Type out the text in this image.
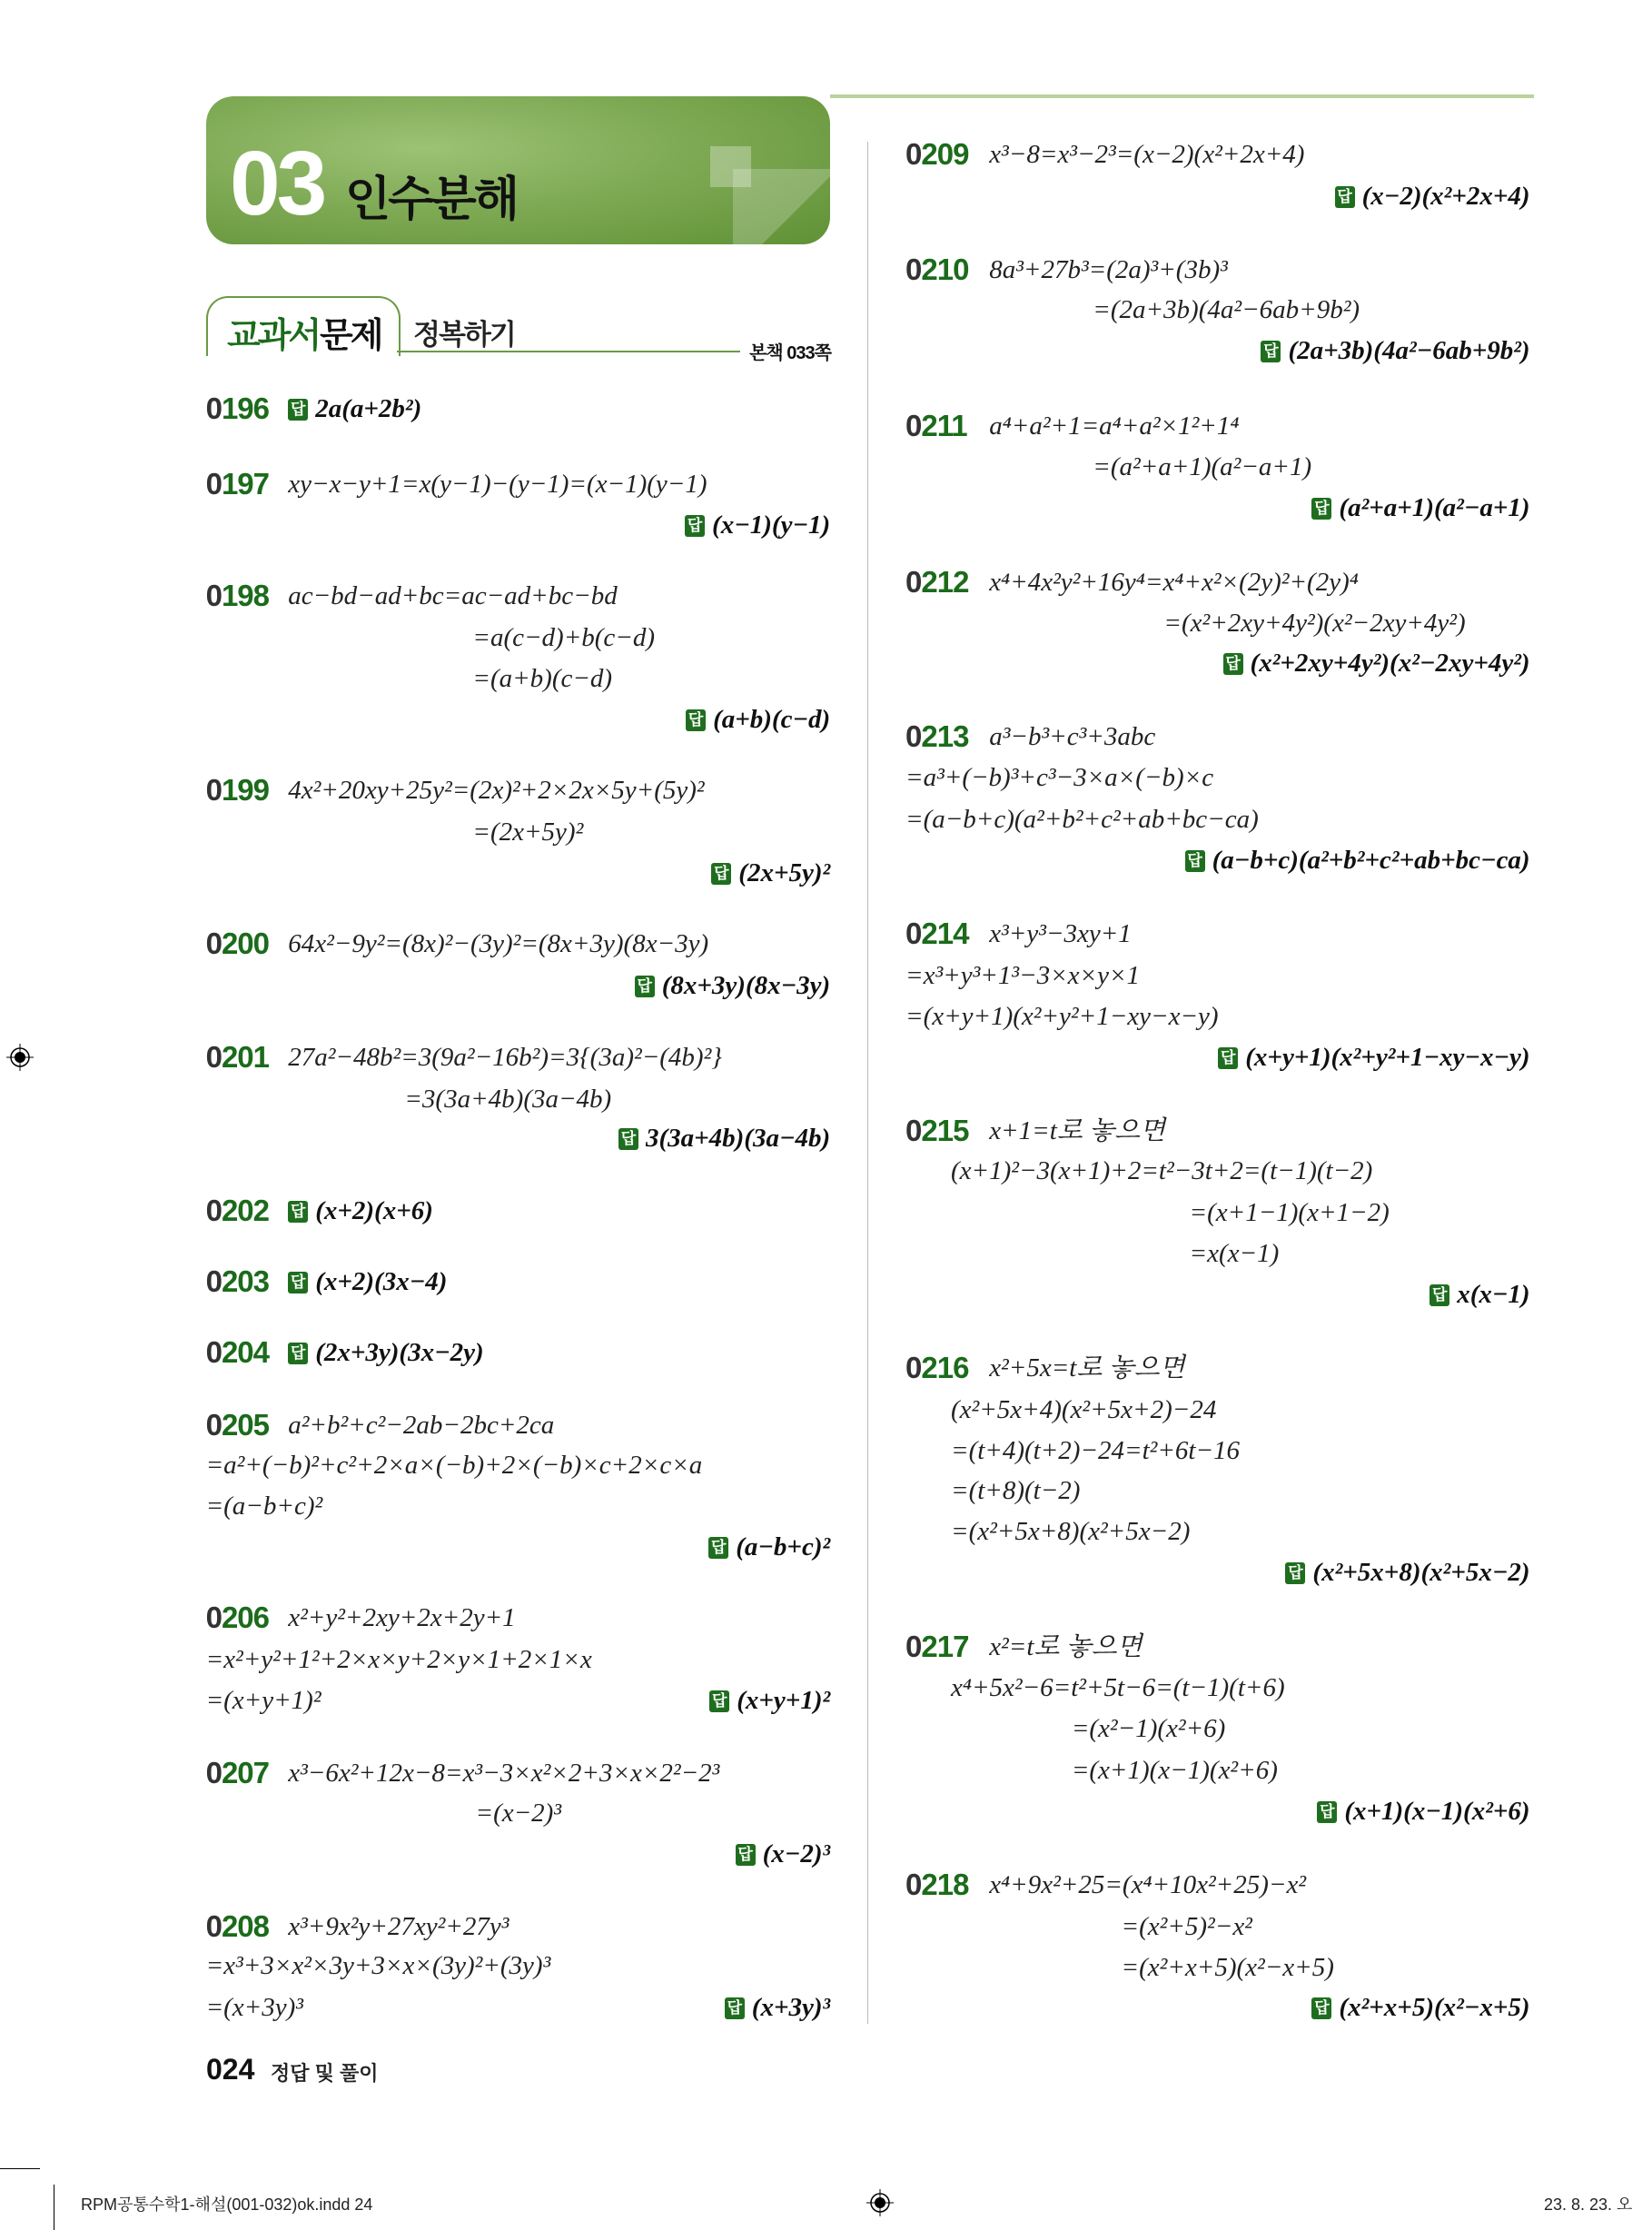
03 인수분해
교과서 문제 정복하기
본책 033쪽
0196 답 2a(a+2b²)
0197 xy−x−y+1=x(y−1)−(y−1)=(x−1)(y−1)
답 (x−1)(y−1)
0198 ac−bd−ad+bc=ac−ad+bc−bd
=a(c−d)+b(c−d)
=(a+b)(c−d)
답 (a+b)(c−d)
0199 4x²+20xy+25y²=(2x)²+2×2x×5y+(5y)²
=(2x+5y)²
답 (2x+5y)²
0200 64x²−9y²=(8x)²−(3y)²=(8x+3y)(8x−3y)
답 (8x+3y)(8x−3y)
0201 27a²−48b²=3(9a²−16b²)=3{(3a)²−(4b)²}
=3(3a+4b)(3a−4b)
답 3(3a+4b)(3a−4b)
0202 답 (x+2)(x+6)
0203 답 (x+2)(3x−4)
0204 답 (2x+3y)(3x−2y)
0205 a²+b²+c²−2ab−2bc+2ca
=a²+(−b)²+c²+2×a×(−b)+2×(−b)×c+2×c×a
=(a−b+c)²
답 (a−b+c)²
0206 x²+y²+2xy+2x+2y+1
=x²+y²+1²+2×x×y+2×y×1+2×1×x
=(x+y+1)²	답 (x+y+1)²
0207 x³−6x²+12x−8=x³−3×x²×2+3×x×2²−2³
=(x−2)³
답 (x−2)³
0208 x³+9x²y+27xy²+27y³
=x³+3×x²×3y+3×x×(3y)²+(3y)³
=(x+3y)³	답 (x+3y)³
0209 x³−8=x³−2³=(x−2)(x²+2x+4)
답 (x−2)(x²+2x+4)
0210 8a³+27b³=(2a)³+(3b)³
=(2a+3b)(4a²−6ab+9b²)
답 (2a+3b)(4a²−6ab+9b²)
0211 a⁴+a²+1=a⁴+a²×1²+1⁴
=(a²+a+1)(a²−a+1)
답 (a²+a+1)(a²−a+1)
0212 x⁴+4x²y²+16y⁴=x⁴+x²×(2y)²+(2y)⁴
=(x²+2xy+4y²)(x²−2xy+4y²)
답 (x²+2xy+4y²)(x²−2xy+4y²)
0213 a³−b³+c³+3abc
=a³+(−b)³+c³−3×a×(−b)×c
=(a−b+c)(a²+b²+c²+ab+bc−ca)
답 (a−b+c)(a²+b²+c²+ab+bc−ca)
0214 x³+y³−3xy+1
=x³+y³+1³−3×x×y×1
=(x+y+1)(x²+y²+1−xy−x−y)
답 (x+y+1)(x²+y²+1−xy−x−y)
0215 x+1=t로 놓으면
(x+1)²−3(x+1)+2=t²−3t+2=(t−1)(t−2)
=(x+1−1)(x+1−2)
=x(x−1)
답 x(x−1)
0216 x²+5x=t로 놓으면
(x²+5x+4)(x²+5x+2)−24
=(t+4)(t+2)−24=t²+6t−16
=(t+8)(t−2)
=(x²+5x+8)(x²+5x−2)
답 (x²+5x+8)(x²+5x−2)
0217 x²=t로 놓으면
x⁴+5x²−6=t²+5t−6=(t−1)(t+6)
=(x²−1)(x²+6)
=(x+1)(x−1)(x²+6)
답 (x+1)(x−1)(x²+6)
0218 x⁴+9x²+25=(x⁴+10x²+25)−x²
=(x²+5)²−x²
=(x²+x+5)(x²−x+5)
답 (x²+x+5)(x²−x+5)
024 정답 및 풀이
RPM공통수학1-해설(001-032)ok.indd 24	23. 8. 23. 오
